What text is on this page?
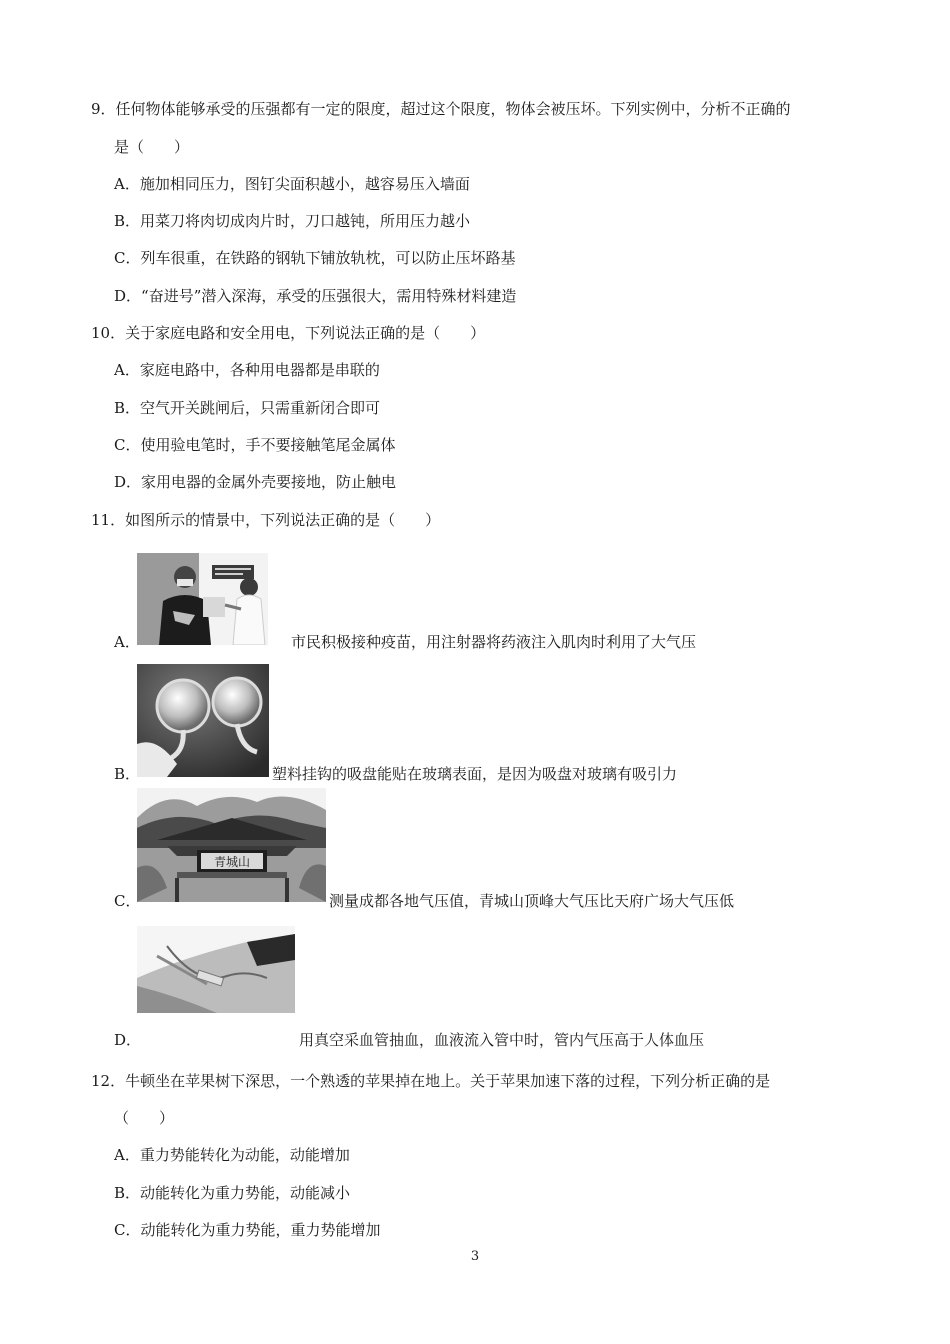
9．任何物体能够承受的压强都有一定的限度，超过这个限度，物体会被压坏。下列实例中，分析不正确的
是（　　）
A．施加相同压力，图钉尖面积越小，越容易压入墙面
B．用菜刀将肉切成肉片时，刀口越钝，所用压力越小
C．列车很重，在铁路的钢轨下铺放轨枕，可以防止压坏路基
D．“奋进号”潜入深海，承受的压强很大，需用特殊材料建造
10．关于家庭电路和安全用电，下列说法正确的是（　　）
A．家庭电路中，各种用电器都是串联的
B．空气开关跳闸后，只需重新闭合即可
C．使用验电笔时，手不要接触笔尾金属体
D．家用电器的金属外壳要接地，防止触电
11．如图所示的情景中，下列说法正确的是（　　）
A．	市民积极接种疫苗，用注射器将药液注入肌肉时利用了大气压
B．	塑料挂钩的吸盘能贴在玻璃表面，是因为吸盘对玻璃有吸引力
青城山
C．	测量成都各地气压值，青城山顶峰大气压比天府广场大气压低
D．	用真空采血管抽血，血液流入管中时，管内气压高于人体血压
12．牛顿坐在苹果树下深思，一个熟透的苹果掉在地上。关于苹果加速下落的过程，下列分析正确的是
（　　）
A．重力势能转化为动能，动能增加
B．动能转化为重力势能，动能减小
C．动能转化为重力势能，重力势能增加
3
